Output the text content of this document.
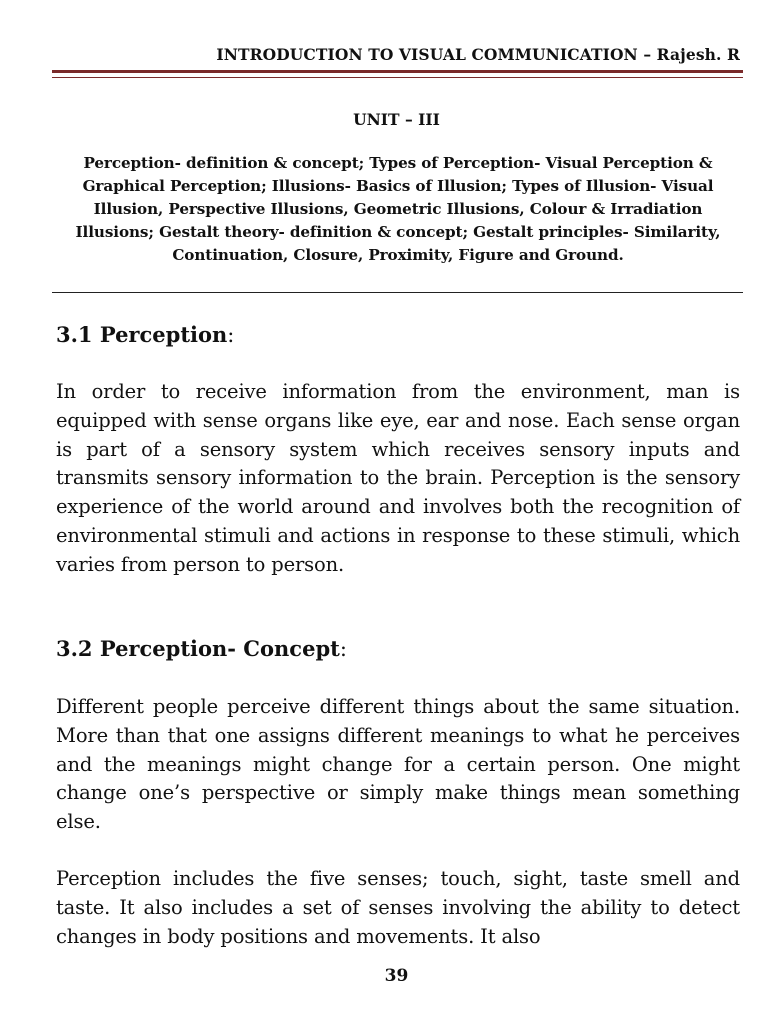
INTRODUCTION TO VISUAL COMMUNICATION – Rajesh. R
UNIT – III
Perception- definition & concept; Types of Perception- Visual Perception & Graphical Perception; Illusions- Basics of Illusion; Types of Illusion- Visual Illusion, Perspective Illusions, Geometric Illusions, Colour & Irradiation Illusions; Gestalt theory- definition & concept; Gestalt principles- Similarity, Continuation, Closure, Proximity, Figure and Ground.
3.1 Perception:

In order to receive information from the environment, man is equipped with sense organs like eye, ear and nose. Each sense organ is part of a sensory system which receives sensory inputs and transmits sensory information to the brain. Perception is the sensory experience of the world around and involves both the recognition of environmental stimuli and actions in response to these stimuli, which varies from person to person.

3.2 Perception- Concept:

Different people perceive different things about the same situation. More than that one assigns different meanings to what he perceives and the meanings might change for a certain person. One might change one’s perspective or simply make things mean something else.

Perception includes the five senses; touch, sight, taste smell and taste. It also includes a set of senses involving the ability to detect changes in body positions and movements. It also

39
